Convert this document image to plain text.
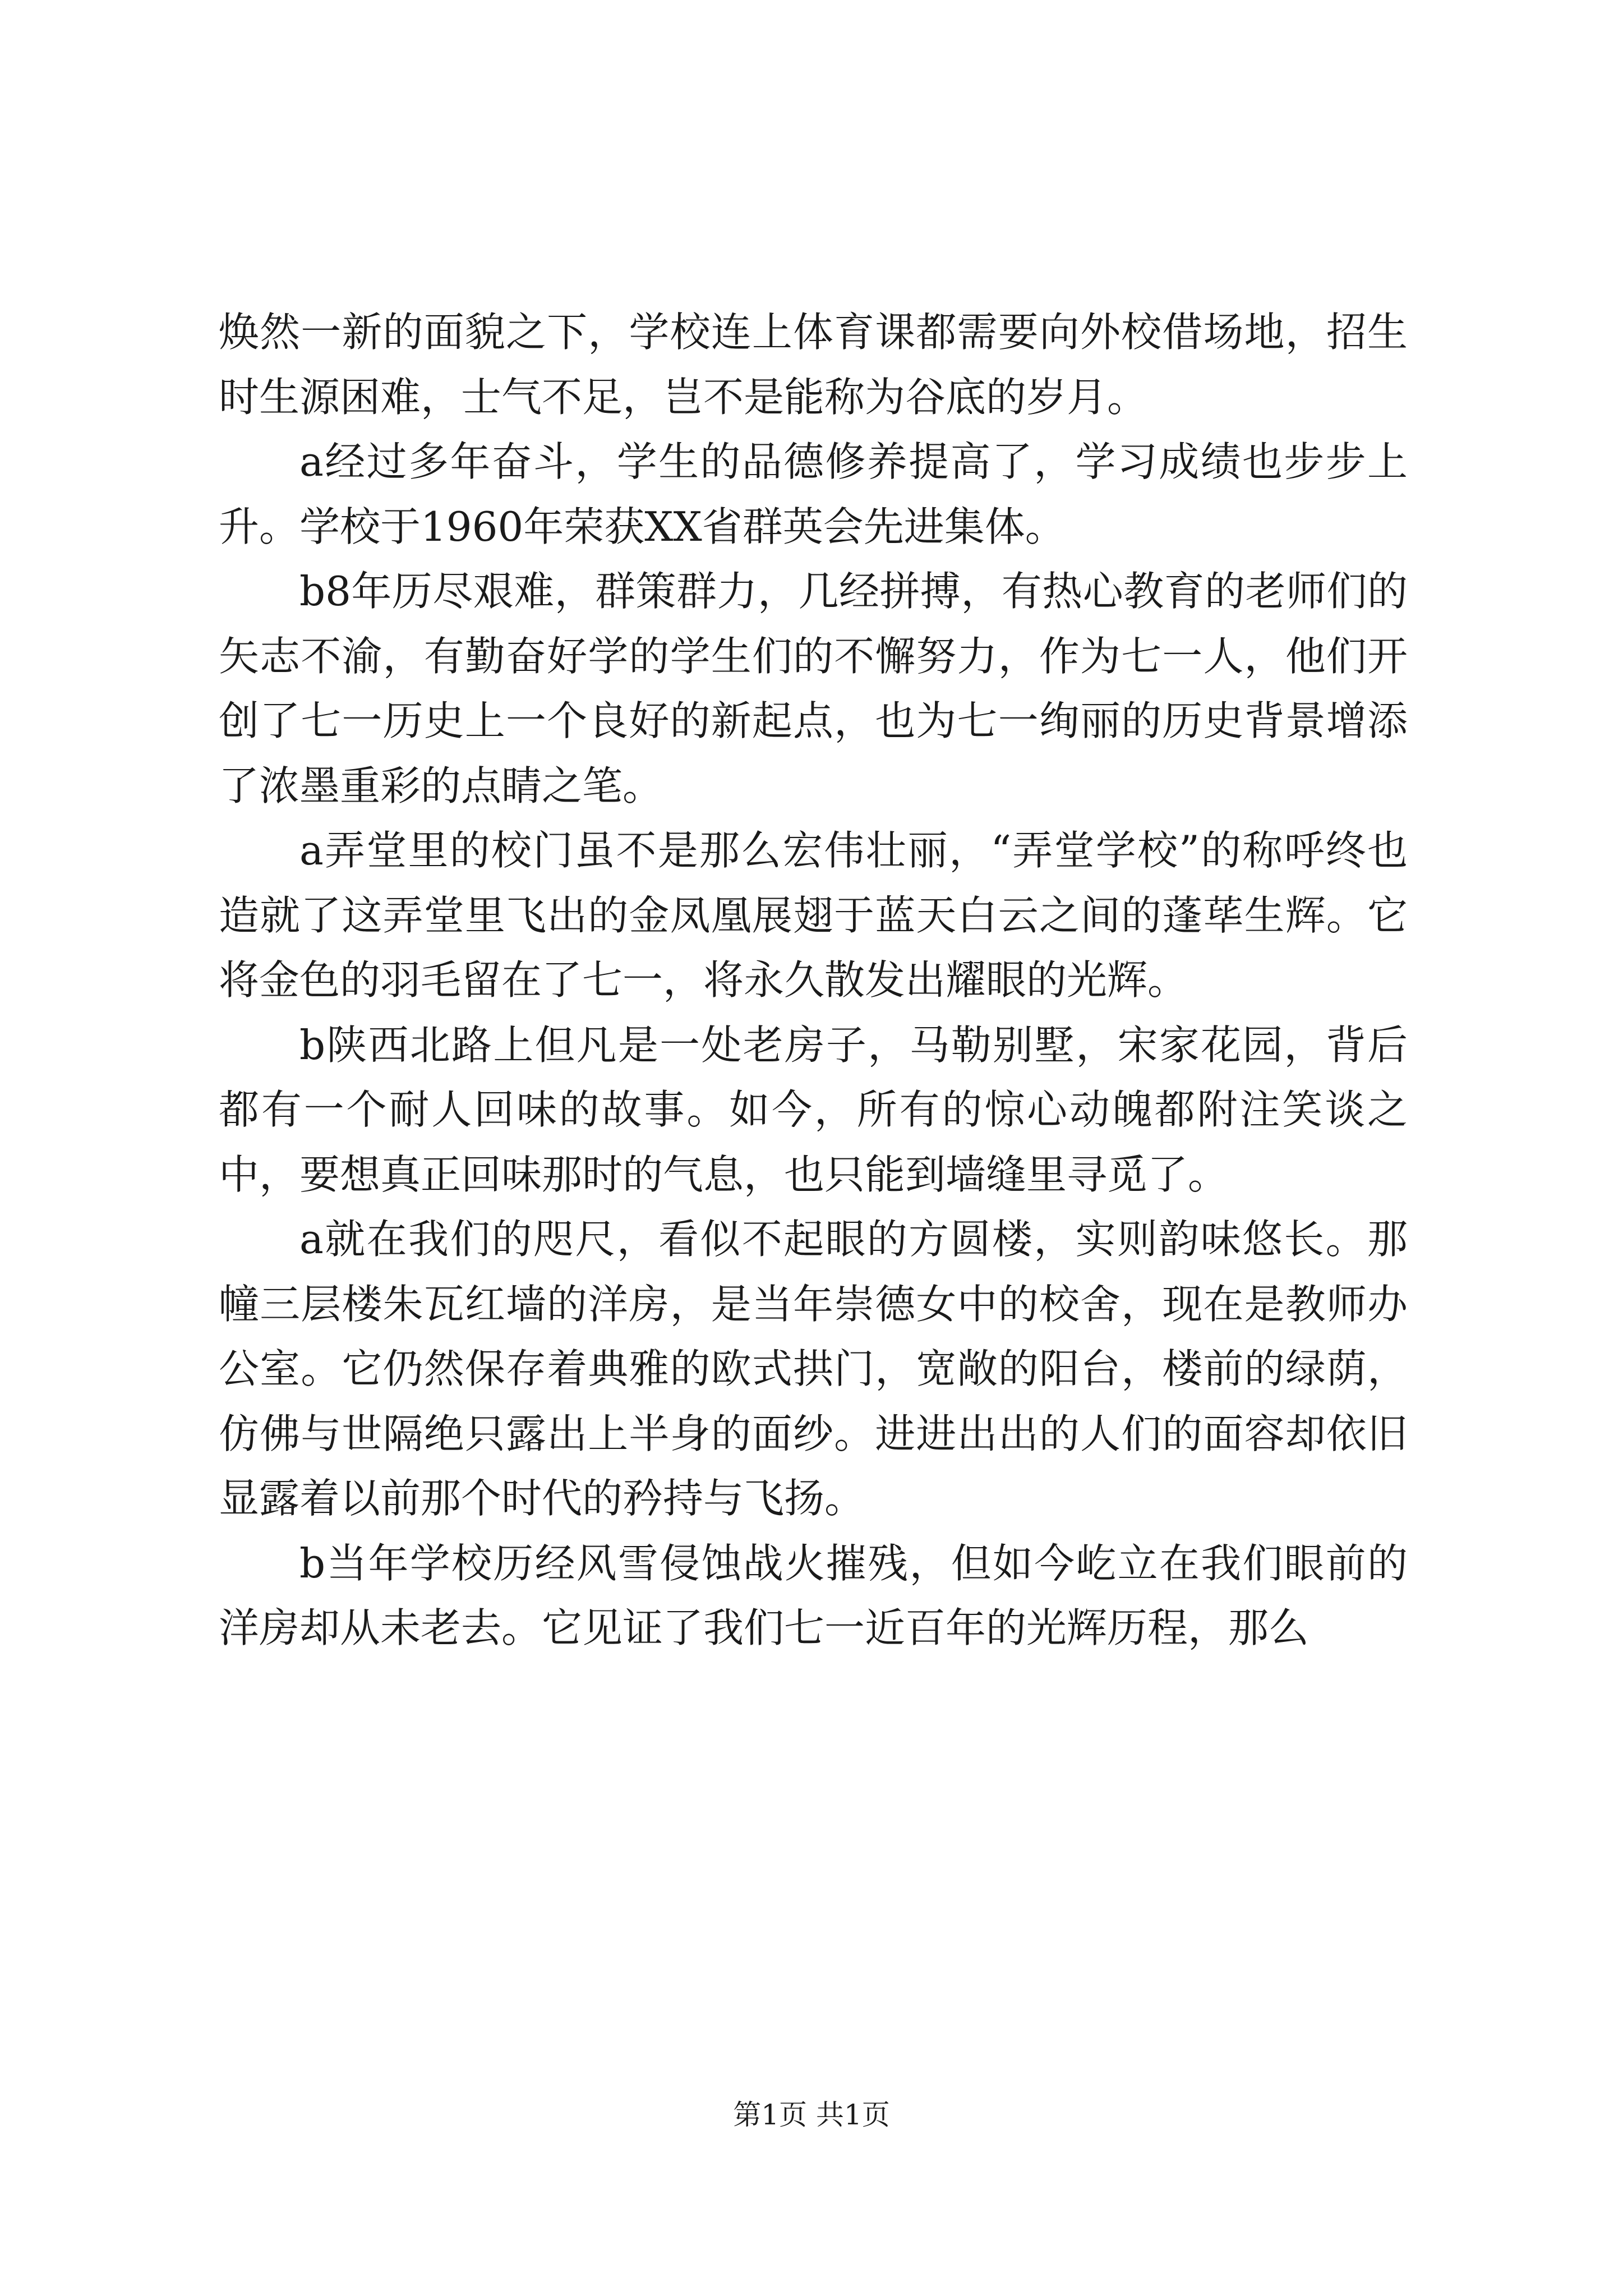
焕然一新的面貌之下，学校连上体育课都需要向外校借场地，招生时生源困难，士气不足，岂不是能称为谷底的岁月。

a经过多年奋斗，学生的品德修养提高了，学习成绩也步步上升。学校于1960年荣获XX省群英会先进集体。

b8年历尽艰难，群策群力，几经拼搏，有热心教育的老师们的矢志不渝，有勤奋好学的学生们的不懈努力，作为七一人，他们开创了七一历史上一个良好的新起点，也为七一绚丽的历史背景增添了浓墨重彩的点睛之笔。

a弄堂里的校门虽不是那么宏伟壮丽，“弄堂学校”的称呼终也造就了这弄堂里飞出的金凤凰展翅于蓝天白云之间的蓬荜生辉。它将金色的羽毛留在了七一，将永久散发出耀眼的光辉。

b陕西北路上但凡是一处老房子，马勒别墅，宋家花园，背后都有一个耐人回味的故事。如今，所有的惊心动魄都附注笑谈之中，要想真正回味那时的气息，也只能到墙缝里寻觅了。

a就在我们的咫尺，看似不起眼的方圆楼，实则韵味悠长。那幢三层楼朱瓦红墙的洋房，是当年崇德女中的校舍，现在是教师办公室。它仍然保存着典雅的欧式拱门，宽敞的阳台，楼前的绿荫，仿佛与世隔绝只露出上半身的面纱。进进出出的人们的面容却依旧显露着以前那个时代的矜持与飞扬。

b当年学校历经风雪侵蚀战火摧残，但如今屹立在我们眼前的洋房却从未老去。它见证了我们七一近百年的光辉历程，那么

第1页 共1页
